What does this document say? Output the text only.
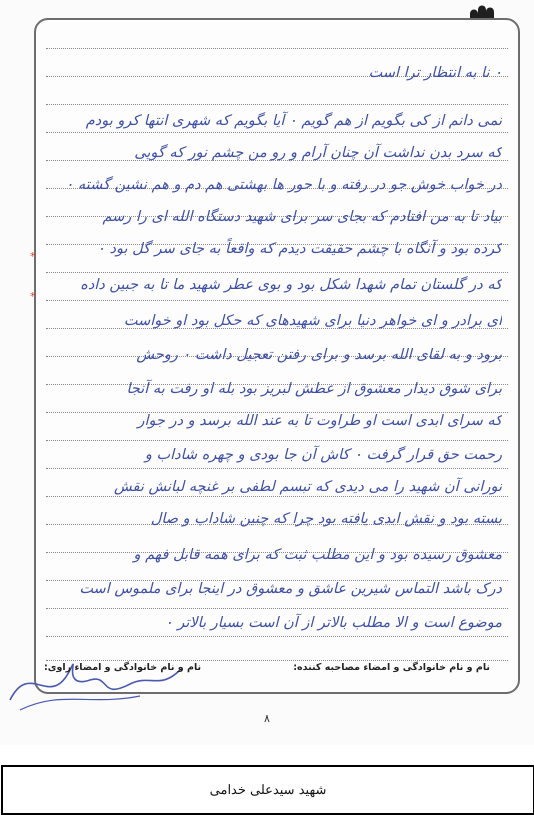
۰ نا به انتظار ترا است
نمی دانم از کی بگویم از هم گویم ۰ آیا بگویم که شهری انتها کرو بودم
که سرد بدن نداشت آن چنان آرام و رو من چشم نور که گویی
در خواب خوش جو در رفته و با حور ها بهشتی هم دم و هم نشین گشته ۰
بیاد تا به من افتادم که بجای سر برای شهید دستگاه الله ای را رسم
کرده بود و آنگاه با چشم حقیقت دیدم که واقعاً به جای سر گل بود ۰
که در گلستان تمام شهدا شکل بود و بوی عطر شهید ما تا به جبین داده
ای برادر و ای خواهر دنیا برای شهیدهای که حکل بود او خواست
برود و به لقای الله برسد و برای رفتن تعجیل داشت ۰ روحش
برای شوق دیدار معشوق از عطش لبریز بود بله او رفت به آنجا
که سرای ابدی است او طراوت تا به عند الله برسد و در جوار
رحمت حق قرار گرفت ۰ کاش آن جا بودی و چهره شاداب و
نورانی آن شهید را می دیدی که تبسم لطفی بر غنچه لبانش نقش
بسته بود و نقش ابدی یافته بود چرا که چنین شاداب و صال
معشوق رسیده بود و این مطلب ثبت که برای همه قابل فهم و
درک باشد التماس شیرین عاشق و معشوق در اینجا برای ملموس است
موضوع است و الا مطلب بالاتر از آن است بسیار بالاتر ۰
*
*
نام و نام خانوادگی و امضاء مصاحبه کننده:
نام و نام خانوادگی و امضاء راوی:
۸
شهید سیدعلی خدامی
